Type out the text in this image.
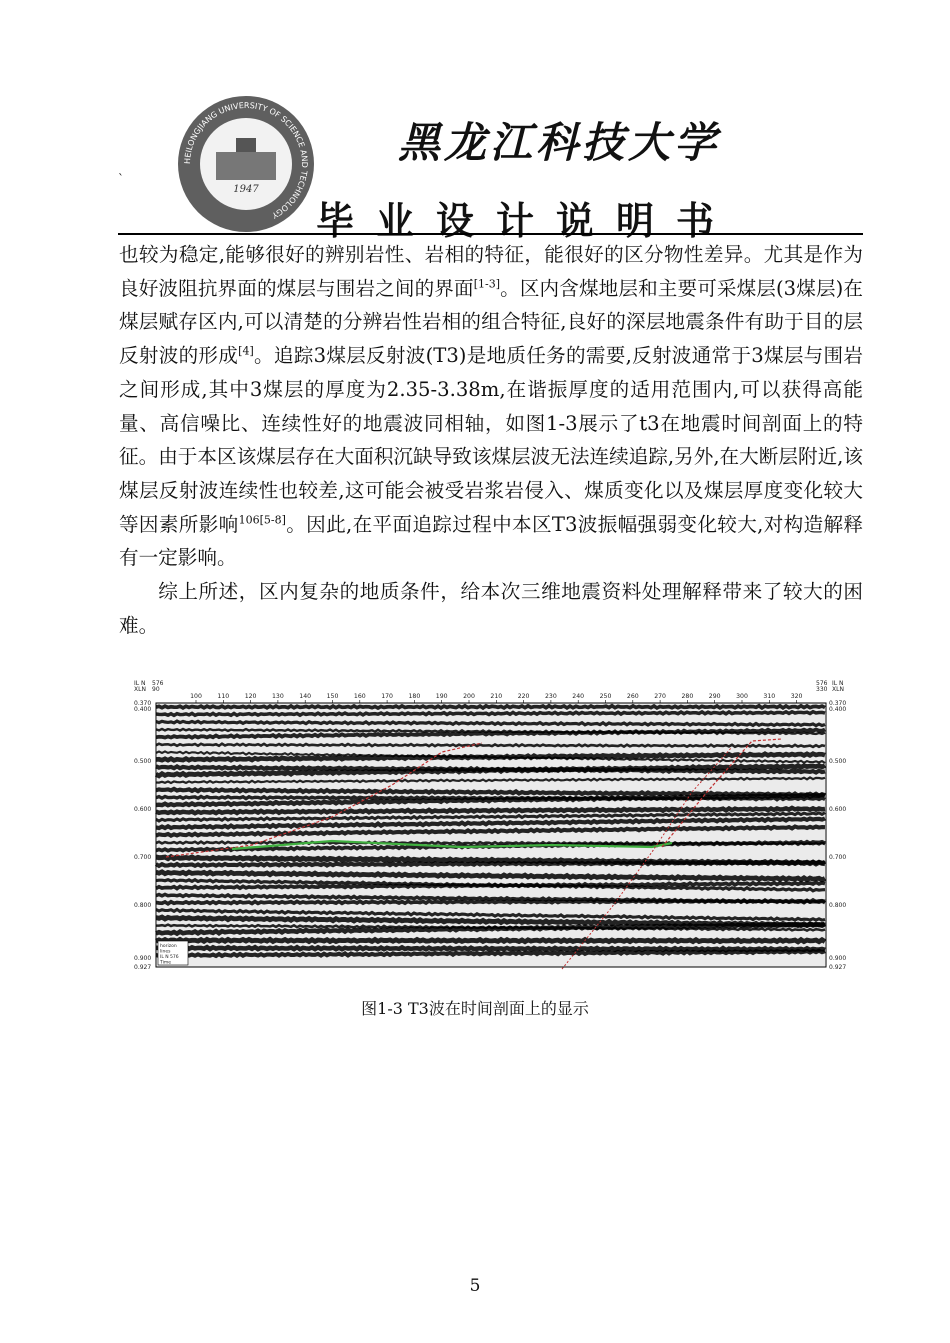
HEILONGJIANG UNIVERSITY OF SCIENCE AND TECHNOLOGY
1947
`
黑龙江科技大学
毕业设计说明书

也较为稳定,能够很好的辨别岩性、岩相的特征，能很好的区分物性差异。尤其是作为良好波阻抗界面的煤层与围岩之间的界面[1-3]。区内含煤地层和主要可采煤层(3煤层)在煤层赋存区内,可以清楚的分辨岩性岩相的组合特征,良好的深层地震条件有助于目的层反射波的形成[4]。追踪3煤层反射波(T3)是地质任务的需要,反射波通常于3煤层与围岩之间形成,其中3煤层的厚度为2.35-3.38m,在谐振厚度的适用范围内,可以获得高能量、高信噪比、连续性好的地震波同相轴，如图1-3展示了t3在地震时间剖面上的特征。由于本区该煤层存在大面积沉缺导致该煤层波无法连续追踪,另外,在大断层附近,该煤层反射波连续性也较差,这可能会被受岩浆岩侵入、煤质变化以及煤层厚度变化较大等因素所影响$^{106[5-8]}$。因此,在平面追踪过程中本区T3波振幅强弱变化较大,对构造解释有一定影响。

综上所述，区内复杂的地质条件，给本次三维地震资料处理解释带来了较大的困难。

100 110 120 130 140 150 160 170 180 190 200 210 220 230 240 250 260 270 280 290 300 310 320
IL N
XLN
576
90
576
330
IL N
XLN
0.370	0.370
0.400	0.400
0.500	0.500
0.600	0.600
0.700	0.700
0.800	0.800
0.900	0.900
0.927	0.927
horizon
lines
IL N 576
Time
图1-3 T3波在时间剖面上的显示
5
